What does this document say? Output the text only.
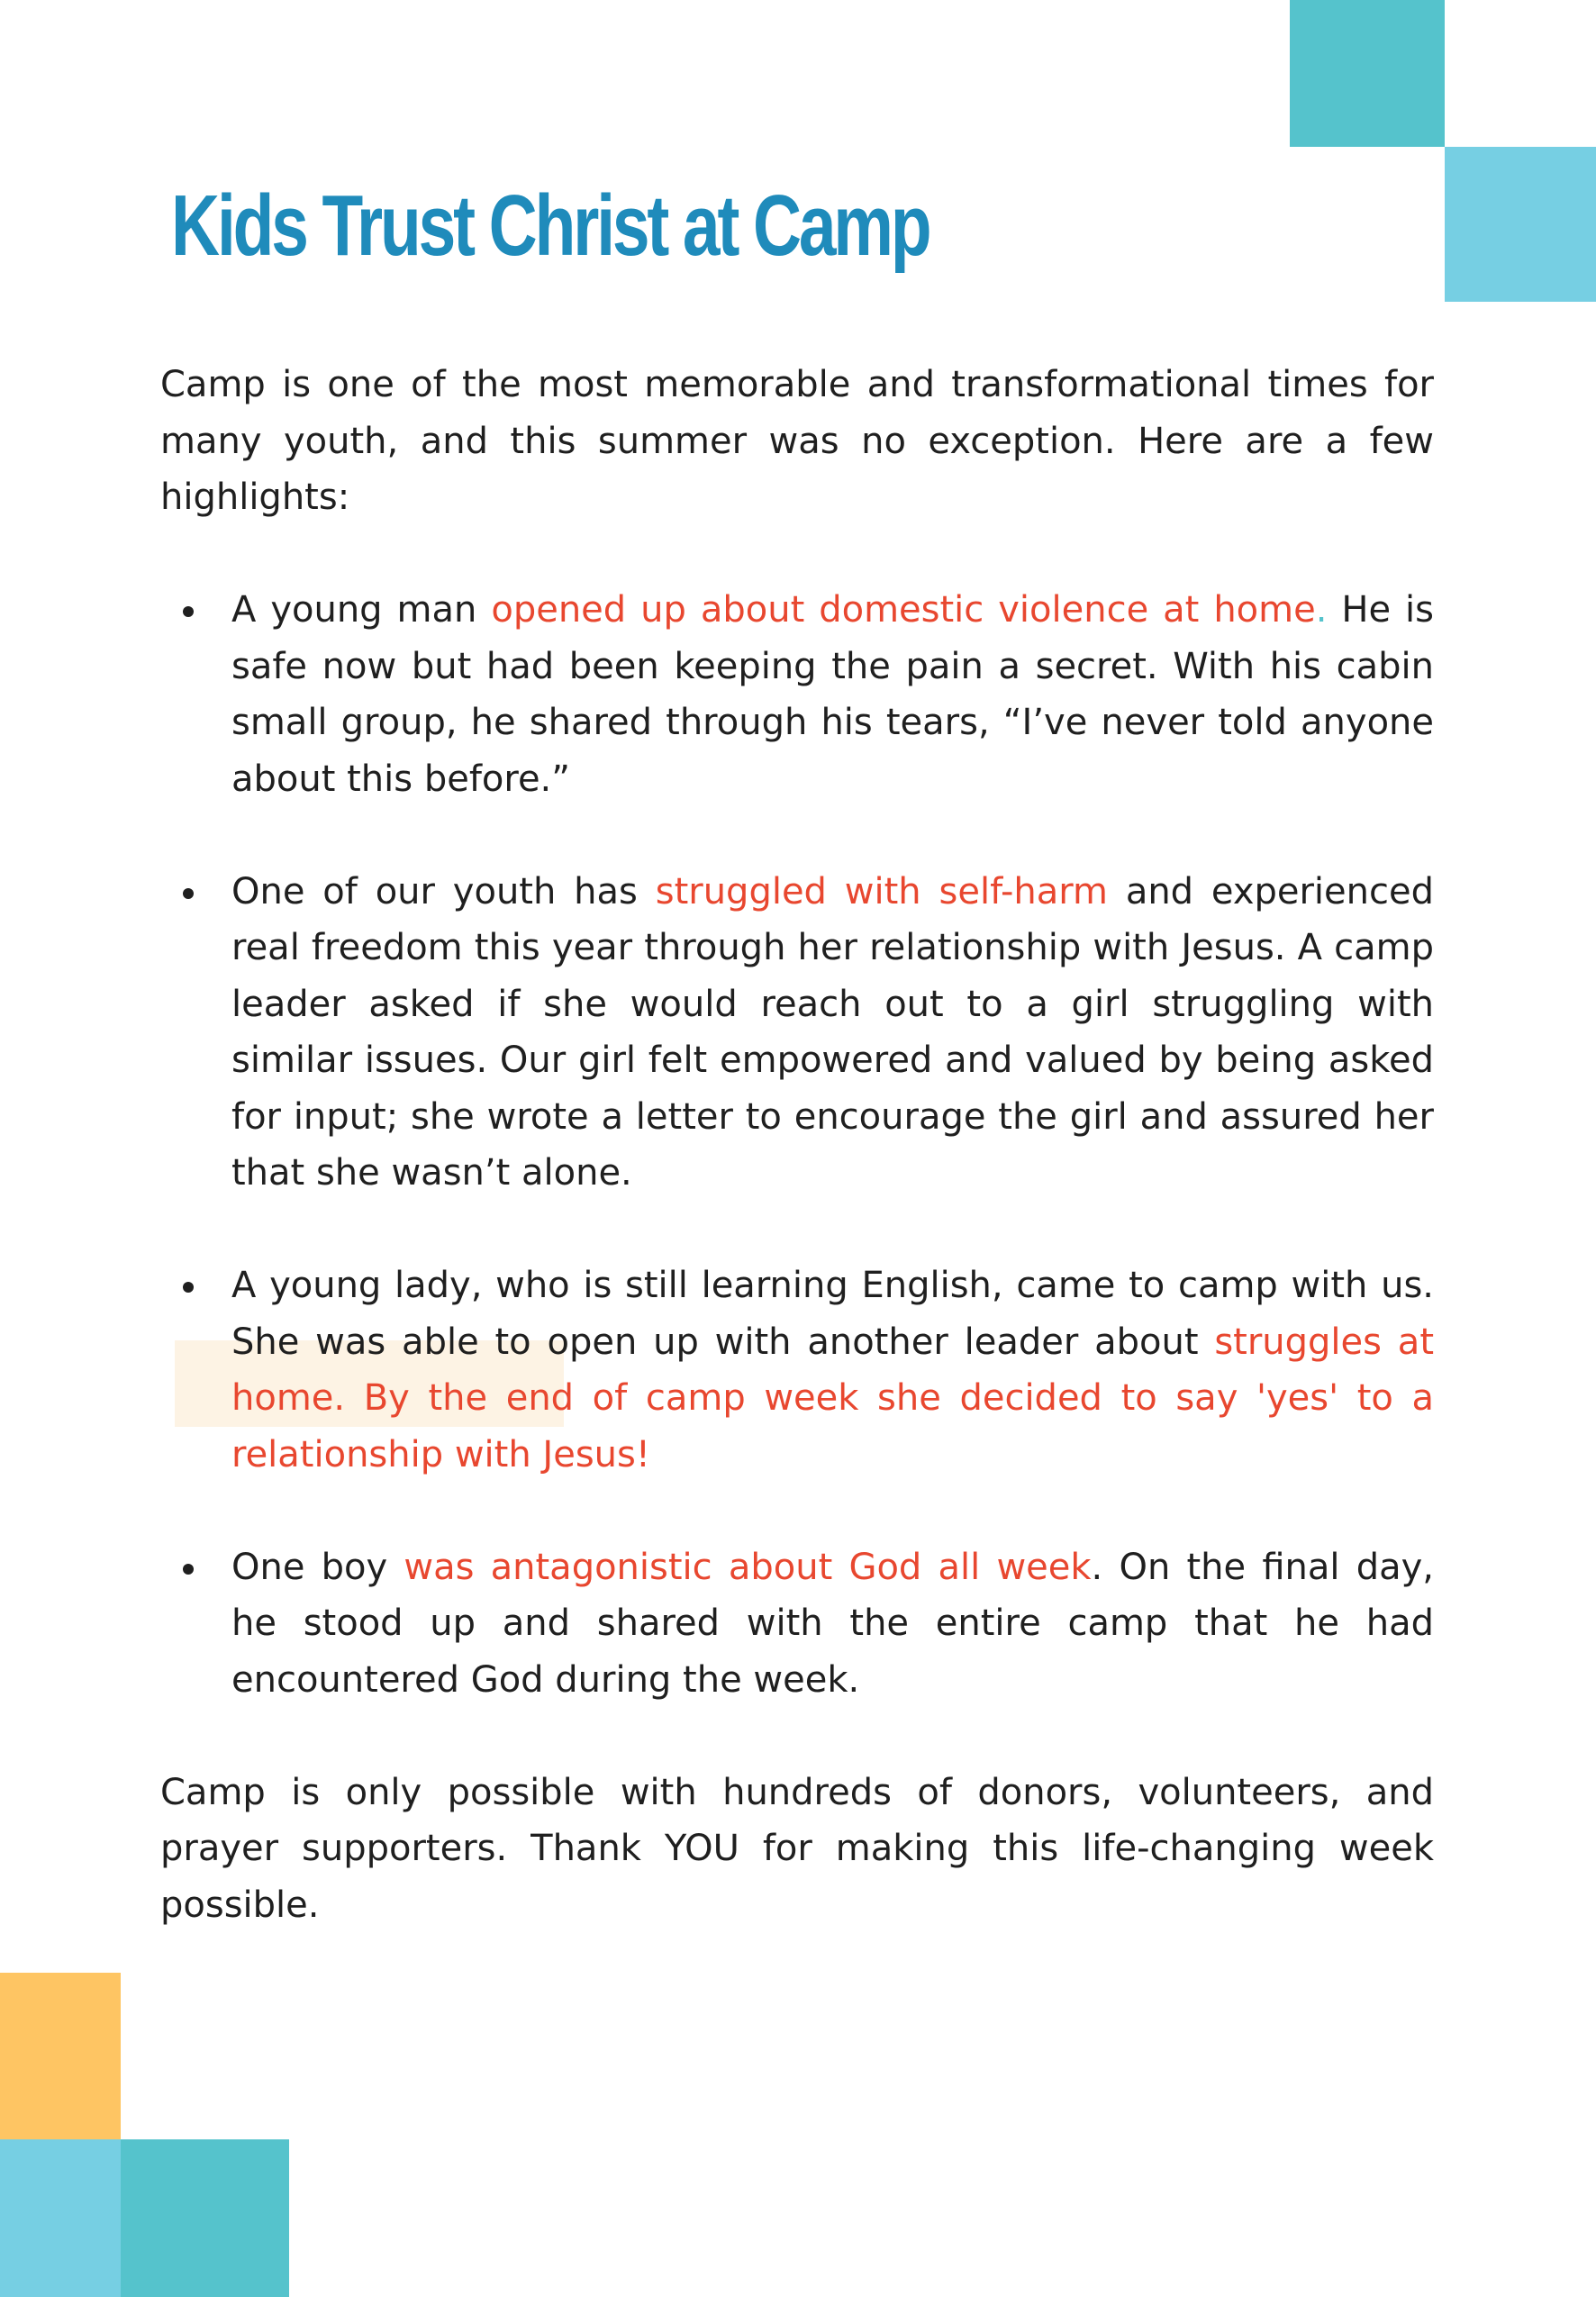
Kids Trust Christ at Camp

Camp is one of the most memorable and transformational times for many youth, and this summer was no exception. Here are a few highlights:

A young man opened up about domestic violence at home. He is safe now but had been keeping the pain a secret. With his cabin small group, he shared through his tears, “I’ve never told anyone about this before.”
One of our youth has struggled with self-harm and experienced real freedom this year through her relationship with Jesus. A camp leader asked if she would reach out to a girl struggling with similar issues. Our girl felt empowered and valued by being asked for input; she wrote a letter to encourage the girl and assured her that she wasn’t alone.
A young lady, who is still learning English, came to camp with us. She was able to open up with another leader about struggles at home. By the end of camp week she decided to say 'yes' to a relationship with Jesus!
One boy was antagonistic about God all week. On the final day, he stood up and shared with the entire camp that he had encountered God during the week.

Camp is only possible with hundreds of donors, volunteers, and prayer supporters. Thank YOU for making this life-changing week possible.
